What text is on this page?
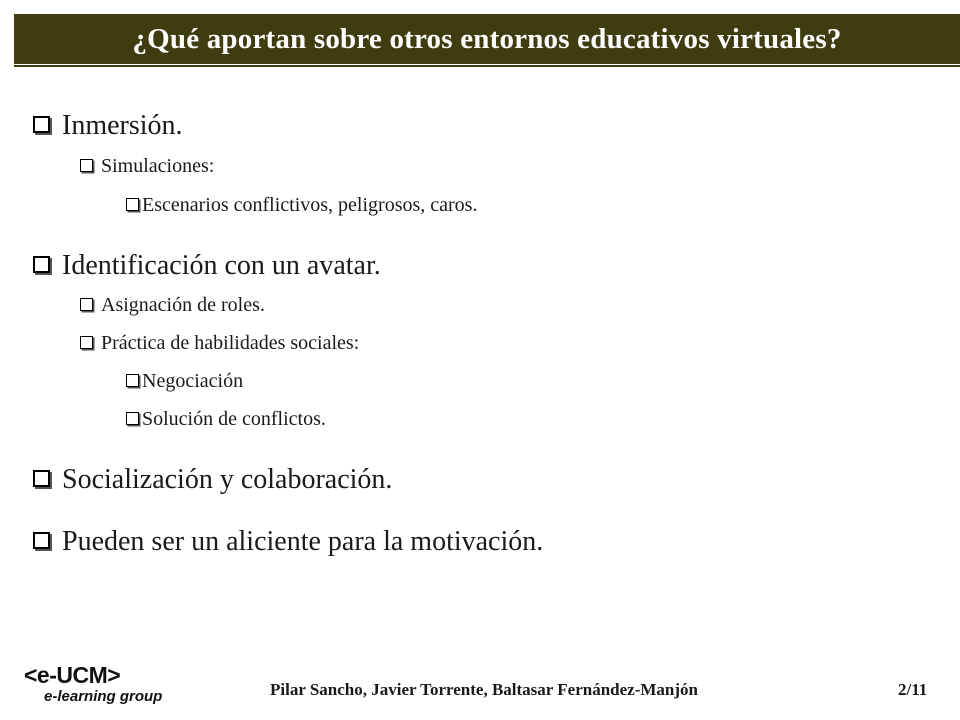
¿Qué aportan sobre otros entornos educativos virtuales?
Inmersión.
Simulaciones:
Escenarios conflictivos, peligrosos, caros.
Identificación con un avatar.
Asignación de roles.
Práctica de habilidades sociales:
Negociación
Solución de conflictos.
Socialización y colaboración.
Pueden ser un aliciente para la motivación.
<e-UCM>
e-learning group	Pilar Sancho, Javier Torrente, Baltasar Fernández-Manjón	2/11
